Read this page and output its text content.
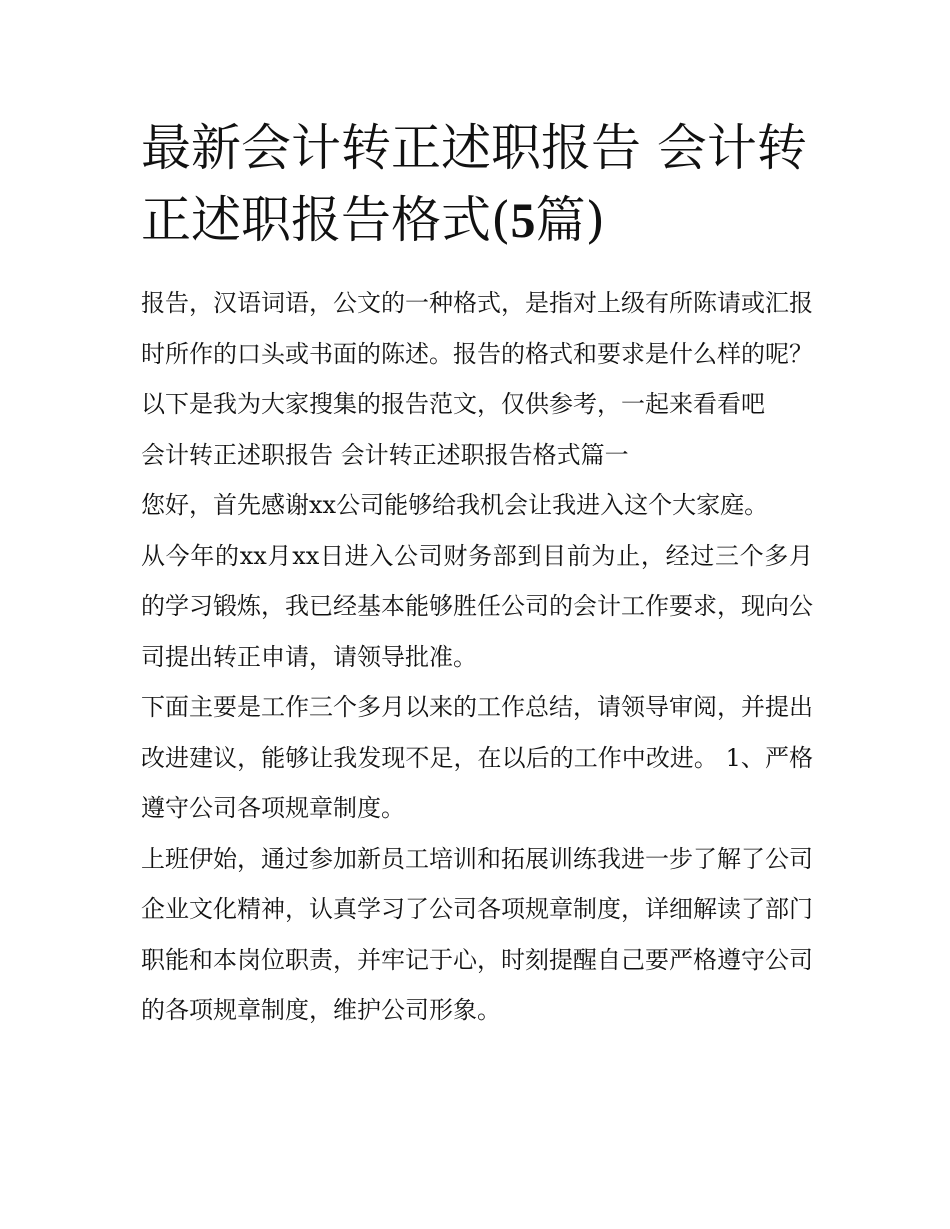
最新会计转正述职报告 会计转正述职报告格式(5篇)

报告，汉语词语，公文的一种格式，是指对上级有所陈请或汇报时所作的口头或书面的陈述。报告的格式和要求是什么样的呢？以下是我为大家搜集的报告范文，仅供参考，一起来看看吧

会计转正述职报告 会计转正述职报告格式篇一

您好，首先感谢xx公司能够给我机会让我进入这个大家庭。

从今年的xx月xx日进入公司财务部到目前为止，经过三个多月的学习锻炼，我已经基本能够胜任公司的会计工作要求，现向公司提出转正申请，请领导批准。

下面主要是工作三个多月以来的工作总结，请领导审阅，并提出改进建议，能够让我发现不足，在以后的工作中改进。 1、严格遵守公司各项规章制度。

上班伊始，通过参加新员工培训和拓展训练我进一步了解了公司企业文化精神，认真学习了公司各项规章制度，详细解读了部门职能和本岗位职责，并牢记于心，时刻提醒自己要严格遵守公司的各项规章制度，维护公司形象。
